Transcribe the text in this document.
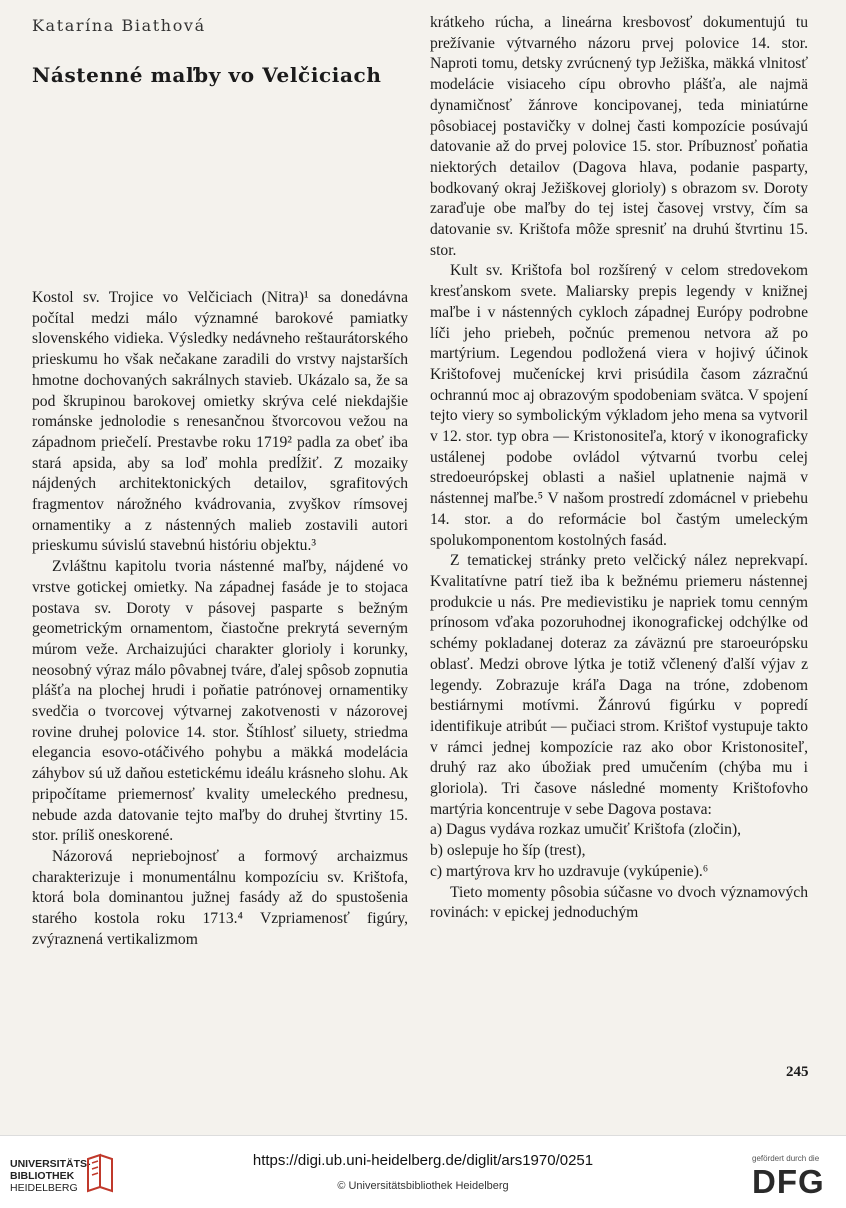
Katarína Biathová
Nástenné maľby vo Velčiciach

Kostol sv. Trojice vo Velčiciach (Nitra)¹ sa donedávna počítal medzi málo významné barokové pamiatky slovenského vidieka. Výsledky nedávneho reštaurátorského prieskumu ho však nečakane zaradili do vrstvy najstarších hmotne dochovaných sakrálnych stavieb. Ukázalo sa, že sa pod škrupinou barokovej omietky skrýva celé niekdajšie románske jednolodie s renesančnou štvorcovou vežou na západnom priečelí. Prestavbe roku 1719² padla za obeť iba stará apsida, aby sa loď mohla predĺžiť. Z mozaiky nájdených architektonických detailov, sgrafitových fragmentov nárožného kvádrovania, zvyškov rímsovej ornamentiky a z nástenných malieb zostavili autori prieskumu súvislú stavebnú históriu objektu.³

Zvláštnu kapitolu tvoria nástenné maľby, nájdené vo vrstve gotickej omietky. Na západnej fasáde je to stojaca postava sv. Doroty v pásovej pasparte s bežným geometrickým ornamentom, čiastočne prekrytá severným múrom veže. Archaizujúci charakter glorioly i korunky, neosobný výraz málo pôvabnej tváre, ďalej spôsob zopnutia plášťa na plochej hrudi i poňatie patrónovej ornamentiky svedčia o tvorcovej výtvarnej zakotvenosti v názorovej rovine druhej polovice 14. stor. Štíhlosť siluety, striedma elegancia esovo-otáčivého pohybu a mäkká modelácia záhybov sú už daňou estetickému ideálu krásneho slohu. Ak pripočítame priemernosť kvality umeleckého prednesu, nebude azda datovanie tejto maľby do druhej štvrtiny 15. stor. príliš oneskorené.

Názorová nepriebojnosť a formový archaizmus charakterizuje i monumentálnu kompozíciu sv. Krištofa, ktorá bola dominantou južnej fasády až do spustošenia starého kostola roku 1713.⁴ Vzpriamenosť figúry, zvýraznená vertikalizmom

krátkeho rúcha, a lineárna kresbovosť dokumentujú tu prežívanie výtvarného názoru prvej polovice 14. stor. Naproti tomu, detsky zvrúcnený typ Ježiška, mäkká vlnitosť modelácie visiaceho cípu obrovho plášťa, ale najmä dynamičnosť žánrove koncipovanej, teda miniatúrne pôsobiacej postavičky v dolnej časti kompozície posúvajú datovanie až do prvej polovice 15. stor. Príbuznosť poňatia niektorých detailov (Dagova hlava, podanie pasparty, bodkovaný okraj Ježiškovej glorioly) s obrazom sv. Doroty zaraďuje obe maľby do tej istej časovej vrstvy, čím sa datovanie sv. Krištofa môže spresniť na druhú štvrtinu 15. stor.

Kult sv. Krištofa bol rozšírený v celom stredovekom kresťanskom svete. Maliarsky prepis legendy v knižnej maľbe i v nástenných cykloch západnej Európy podrobne líči jeho priebeh, počnúc premenou netvora až po martýrium. Legendou podložená viera v hojivý účinok Krištofovej mučeníckej krvi prisúdila časom zázračnú ochrannú moc aj obrazovým spodobeniam svätca. V spojení tejto viery so symbolickým výkladom jeho mena sa vytvoril v 12. stor. typ obra — Kristonositeľa, ktorý v ikonograficky ustálenej podobe ovládol výtvarnú tvorbu celej stredoeurópskej oblasti a našiel uplatnenie najmä v nástennej maľbe.⁵ V našom prostredí zdomácnel v priebehu 14. stor. a do reformácie bol častým umeleckým spolukomponentom kostolných fasád.

Z tematickej stránky preto velčický nález neprekvapí. Kvalitatívne patrí tiež iba k bežnému priemeru nástennej produkcie u nás. Pre medievistiku je napriek tomu cenným prínosom vďaka pozoruhodnej ikonografickej odchýlke od schémy pokladanej doteraz za záväznú pre staroeurópsku oblasť. Medzi obrove lýtka je totiž včlenený ďalší výjav z legendy. Zobrazuje kráľa Daga na tróne, zdobenom bestiárnymi motívmi. Žánrovú figúrku v popredí identifikuje atribút — pučiaci strom. Krištof vystupuje takto v rámci jednej kompozície raz ako obor Kristonositeľ, druhý raz ako úbožiak pred umučením (chýba mu i gloriola). Tri časove následné momenty Krištofovho martýria koncentruje v sebe Dagova postava:

a) Dagus vydáva rozkaz umučiť Krištofa (zločin),

b) oslepuje ho šíp (trest),

c) martýrova krv ho uzdravuje (vykúpenie).⁶

Tieto momenty pôsobia súčasne vo dvoch významových rovinách: v epickej jednoduchým

245
UNIVERSITÄTS-
BIBLIOTHEK
HEIDELBERG
https://digi.ub.uni-heidelberg.de/diglit/ars1970/0251
© Universitätsbibliothek Heidelberg
gefördert durch die
DFG
